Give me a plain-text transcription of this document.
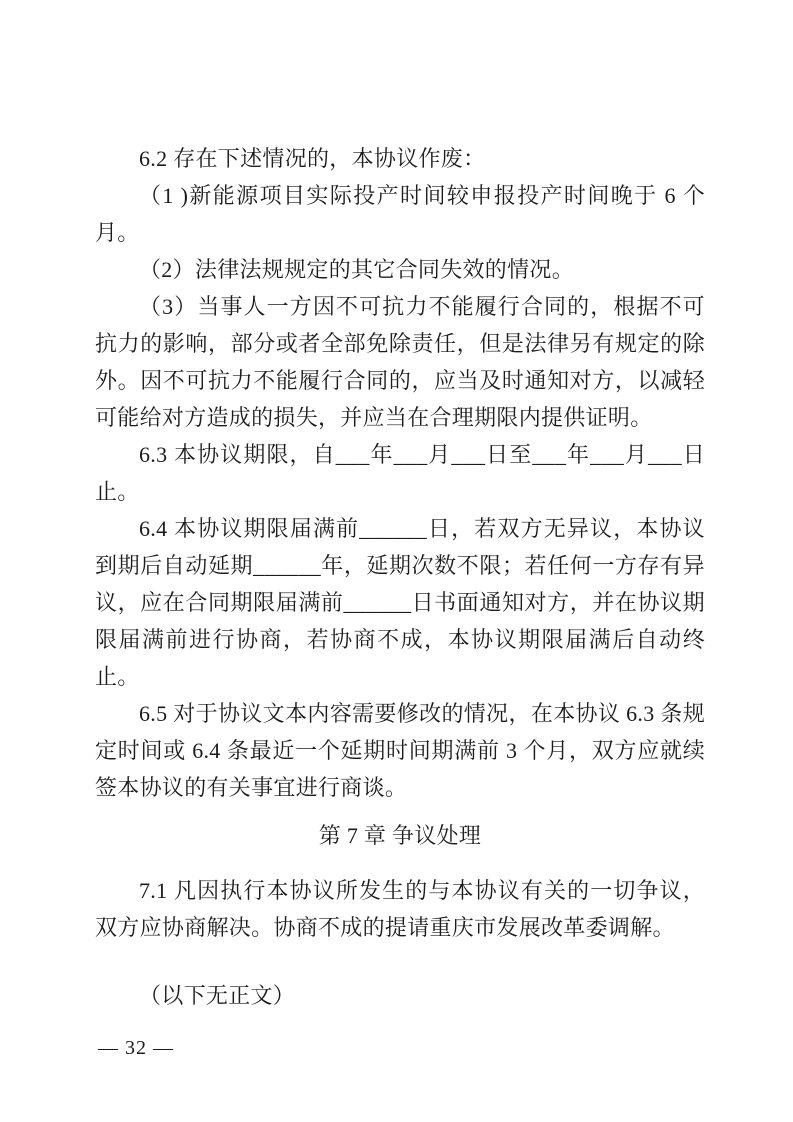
6.2 存在下述情况的，本协议作废：

（1 )新能源项目实际投产时间较申报投产时间晚于 6 个月。

（2）法律法规规定的其它合同失效的情况。

（3）当事人一方因不可抗力不能履行合同的，根据不可抗力的影响，部分或者全部免除责任，但是法律另有规定的除外。因不可抗力不能履行合同的，应当及时通知对方，以减轻可能给对方造成的损失，并应当在合理期限内提供证明。

6.3 本协议期限，自___年___月___日至___年___月___日止。

6.4 本协议期限届满前______日，若双方无异议，本协议到期后自动延期______年，延期次数不限；若任何一方存有异议，应在合同期限届满前______日书面通知对方，并在协议期限届满前进行协商，若协商不成，本协议期限届满后自动终止。

6.5 对于协议文本内容需要修改的情况，在本协议 6.3 条规定时间或 6.4 条最近一个延期时间期满前 3 个月，双方应就续签本协议的有关事宜进行商谈。

第 7 章 争议处理

7.1 凡因执行本协议所发生的与本协议有关的一切争议，双方应协商解决。协商不成的提请重庆市发展改革委调解。

（以下无正文）

— 32 —
